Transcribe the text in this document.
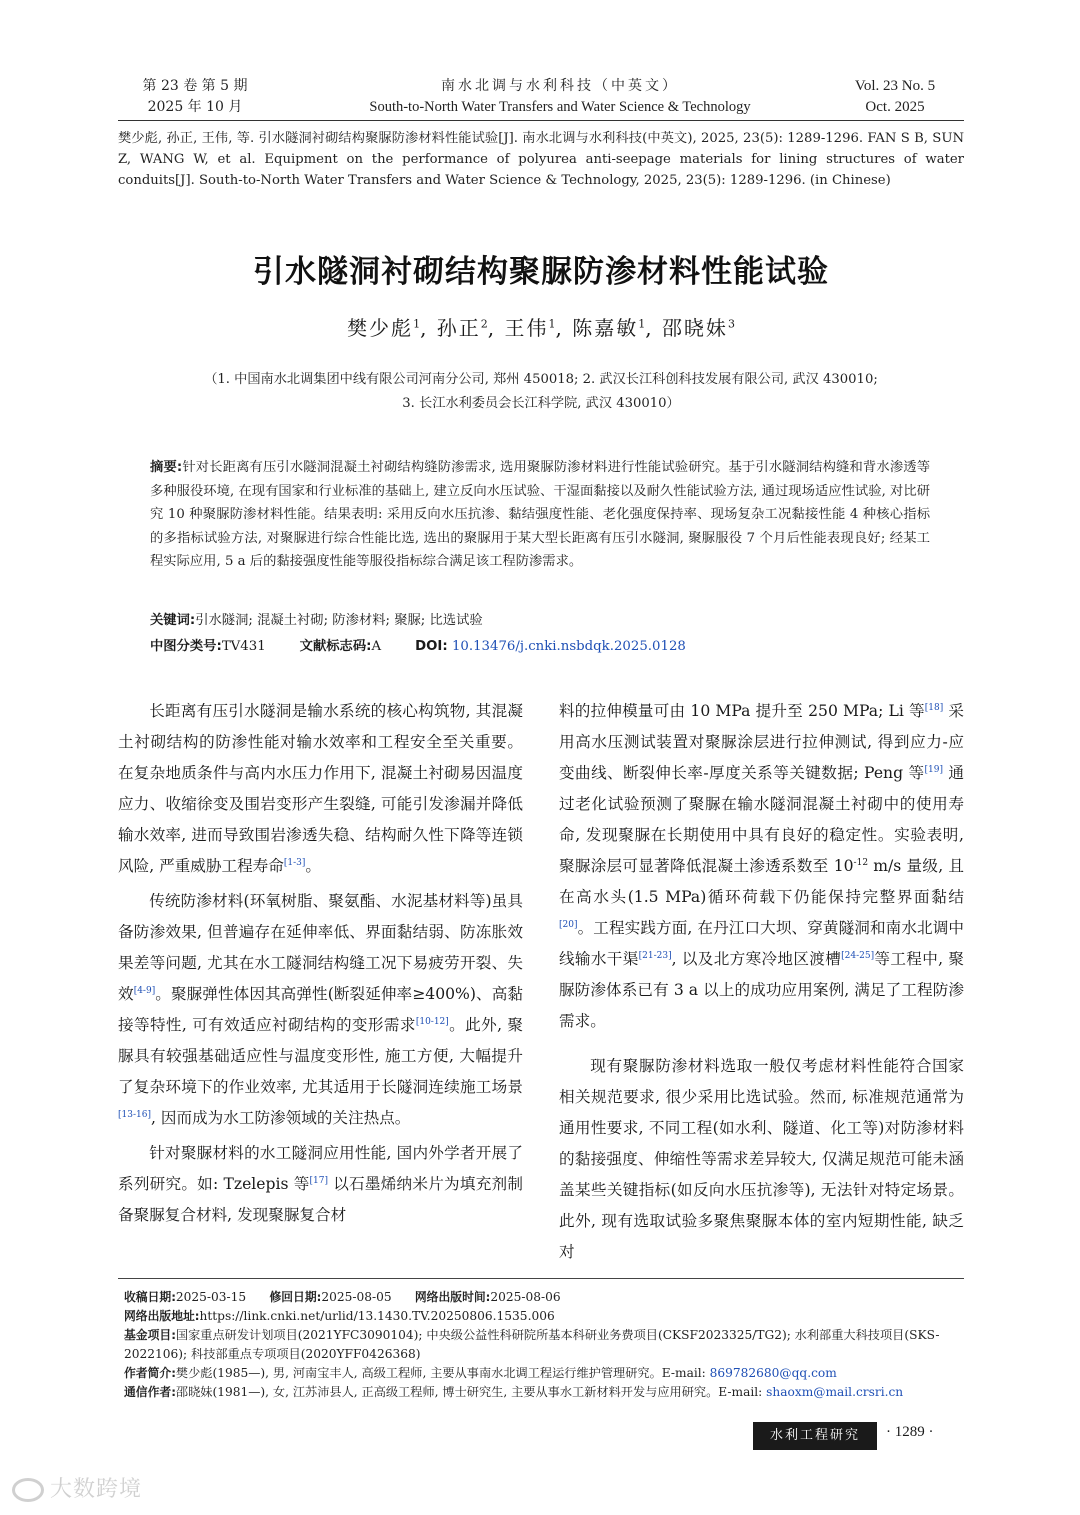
第 23 卷 第 5 期
2025 年 10 月
南水北调与水利科技（中英文）
South-to-North Water Transfers and Water Science & Technology
Vol. 23 No. 5
Oct. 2025
樊少彪, 孙正, 王伟, 等. 引水隧洞衬砌结构聚脲防渗材料性能试验[J]. 南水北调与水利科技(中英文), 2025, 23(5): 1289-1296. FAN S B, SUN Z, WANG W, et al. Equipment on the performance of polyurea anti-seepage materials for lining structures of water conduits[J]. South-to-North Water Transfers and Water Science & Technology, 2025, 23(5): 1289-1296. (in Chinese)
引水隧洞衬砌结构聚脲防渗材料性能试验
樊少彪$^1$, 孙正$^2$, 王伟$^1$, 陈嘉敏$^1$, 邵晓妹$^3$
（1. 中国南水北调集团中线有限公司河南分公司, 郑州 450018; 2. 武汉长江科创科技发展有限公司, 武汉 430010;
3. 长江水利委员会长江科学院, 武汉 430010）
摘要:针对长距离有压引水隧洞混凝土衬砌结构缝防渗需求, 选用聚脲防渗材料进行性能试验研究。基于引水隧洞结构缝和背水渗透等多种服役环境, 在现有国家和行业标准的基础上, 建立反向水压试验、干湿面黏接以及耐久性能试验方法, 通过现场适应性试验, 对比研究 10 种聚脲防渗材料性能。结果表明: 采用反向水压抗渗、黏结强度性能、老化强度保持率、现场复杂工况黏接性能 4 种核心指标的多指标试验方法, 对聚脲进行综合性能比选, 选出的聚脲用于某大型长距离有压引水隧洞, 聚脲服役 7 个月后性能表现良好; 经某工程实际应用, 5 a 后的黏接强度性能等服役指标综合满足该工程防渗需求。
关键词:引水隧洞; 混凝土衬砌; 防渗材料; 聚脲; 比选试验
中图分类号:TV431	文献标志码:A	DOI: 10.13476/j.cnki.nsbdqk.2025.0128

长距离有压引水隧洞是输水系统的核心构筑物, 其混凝土衬砌结构的防渗性能对输水效率和工程安全至关重要。在复杂地质条件与高内水压力作用下, 混凝土衬砌易因温度应力、收缩徐变及围岩变形产生裂缝, 可能引发渗漏并降低输水效率, 进而导致围岩渗透失稳、结构耐久性下降等连锁风险, 严重威胁工程寿命[1-3]。

传统防渗材料(环氧树脂、聚氨酯、水泥基材料等)虽具备防渗效果, 但普遍存在延伸率低、界面黏结弱、防冻胀效果差等问题, 尤其在水工隧洞结构缝工况下易疲劳开裂、失效[4-9]。聚脲弹性体因其高弹性(断裂延伸率≥400%)、高黏接等特性, 可有效适应衬砌结构的变形需求[10-12]。此外, 聚脲具有较强基础适应性与温度变形性, 施工方便, 大幅提升了复杂环境下的作业效率, 尤其适用于长隧洞连续施工场景[13-16], 因而成为水工防渗领域的关注热点。

针对聚脲材料的水工隧洞应用性能, 国内外学者开展了系列研究。如: Tzelepis 等[17] 以石墨烯纳米片为填充剂制备聚脲复合材料, 发现聚脲复合材

料的拉伸模量可由 10 MPa 提升至 250 MPa; Li 等[18] 采用高水压测试装置对聚脲涂层进行拉伸测试, 得到应力-应变曲线、断裂伸长率-厚度关系等关键数据; Peng 等[19] 通过老化试验预测了聚脲在输水隧洞混凝土衬砌中的使用寿命, 发现聚脲在长期使用中具有良好的稳定性。实验表明, 聚脲涂层可显著降低混凝土渗透系数至 $10^{-12}$ m/s 量级, 且在高水头(1.5 MPa)循环荷载下仍能保持完整界面黏结[20]。工程实践方面, 在丹江口大坝、穿黄隧洞和南水北调中线输水干渠[21-23], 以及北方寒冷地区渡槽[24-25]等工程中, 聚脲防渗体系已有 3 a 以上的成功应用案例, 满足了工程防渗需求。

现有聚脲防渗材料选取一般仅考虑材料性能符合国家相关规范要求, 很少采用比选试验。然而, 标准规范通常为通用性要求, 不同工程(如水利、隧道、化工等)对防渗材料的黏接强度、伸缩性等需求差异较大, 仅满足规范可能未涵盖某些关键指标(如反向水压抗渗等), 无法针对特定场景。此外, 现有选取试验多聚焦聚脲本体的室内短期性能, 缺乏对

收稿日期:2025-03-15 修回日期:2025-08-05 网络出版时间:2025-08-06

网络出版地址:https://link.cnki.net/urlid/13.1430.TV.20250806.1535.006

基金项目:国家重点研发计划项目(2021YFC3090104); 中央级公益性科研院所基本科研业务费项目(CKSF2023325/TG2); 水利部重大科技项目(SKS-2022106); 科技部重点专项项目(2020YFF0426368)

作者简介:樊少彪(1985—), 男, 河南宝丰人, 高级工程师, 主要从事南水北调工程运行维护管理研究。E-mail: 869782680@qq.com

通信作者:邵晓妹(1981—), 女, 江苏沛县人, 正高级工程师, 博士研究生, 主要从事水工新材料开发与应用研究。E-mail: shaoxm@mail.crsri.cn

水利工程研究	· 1289 ·
大数跨境
